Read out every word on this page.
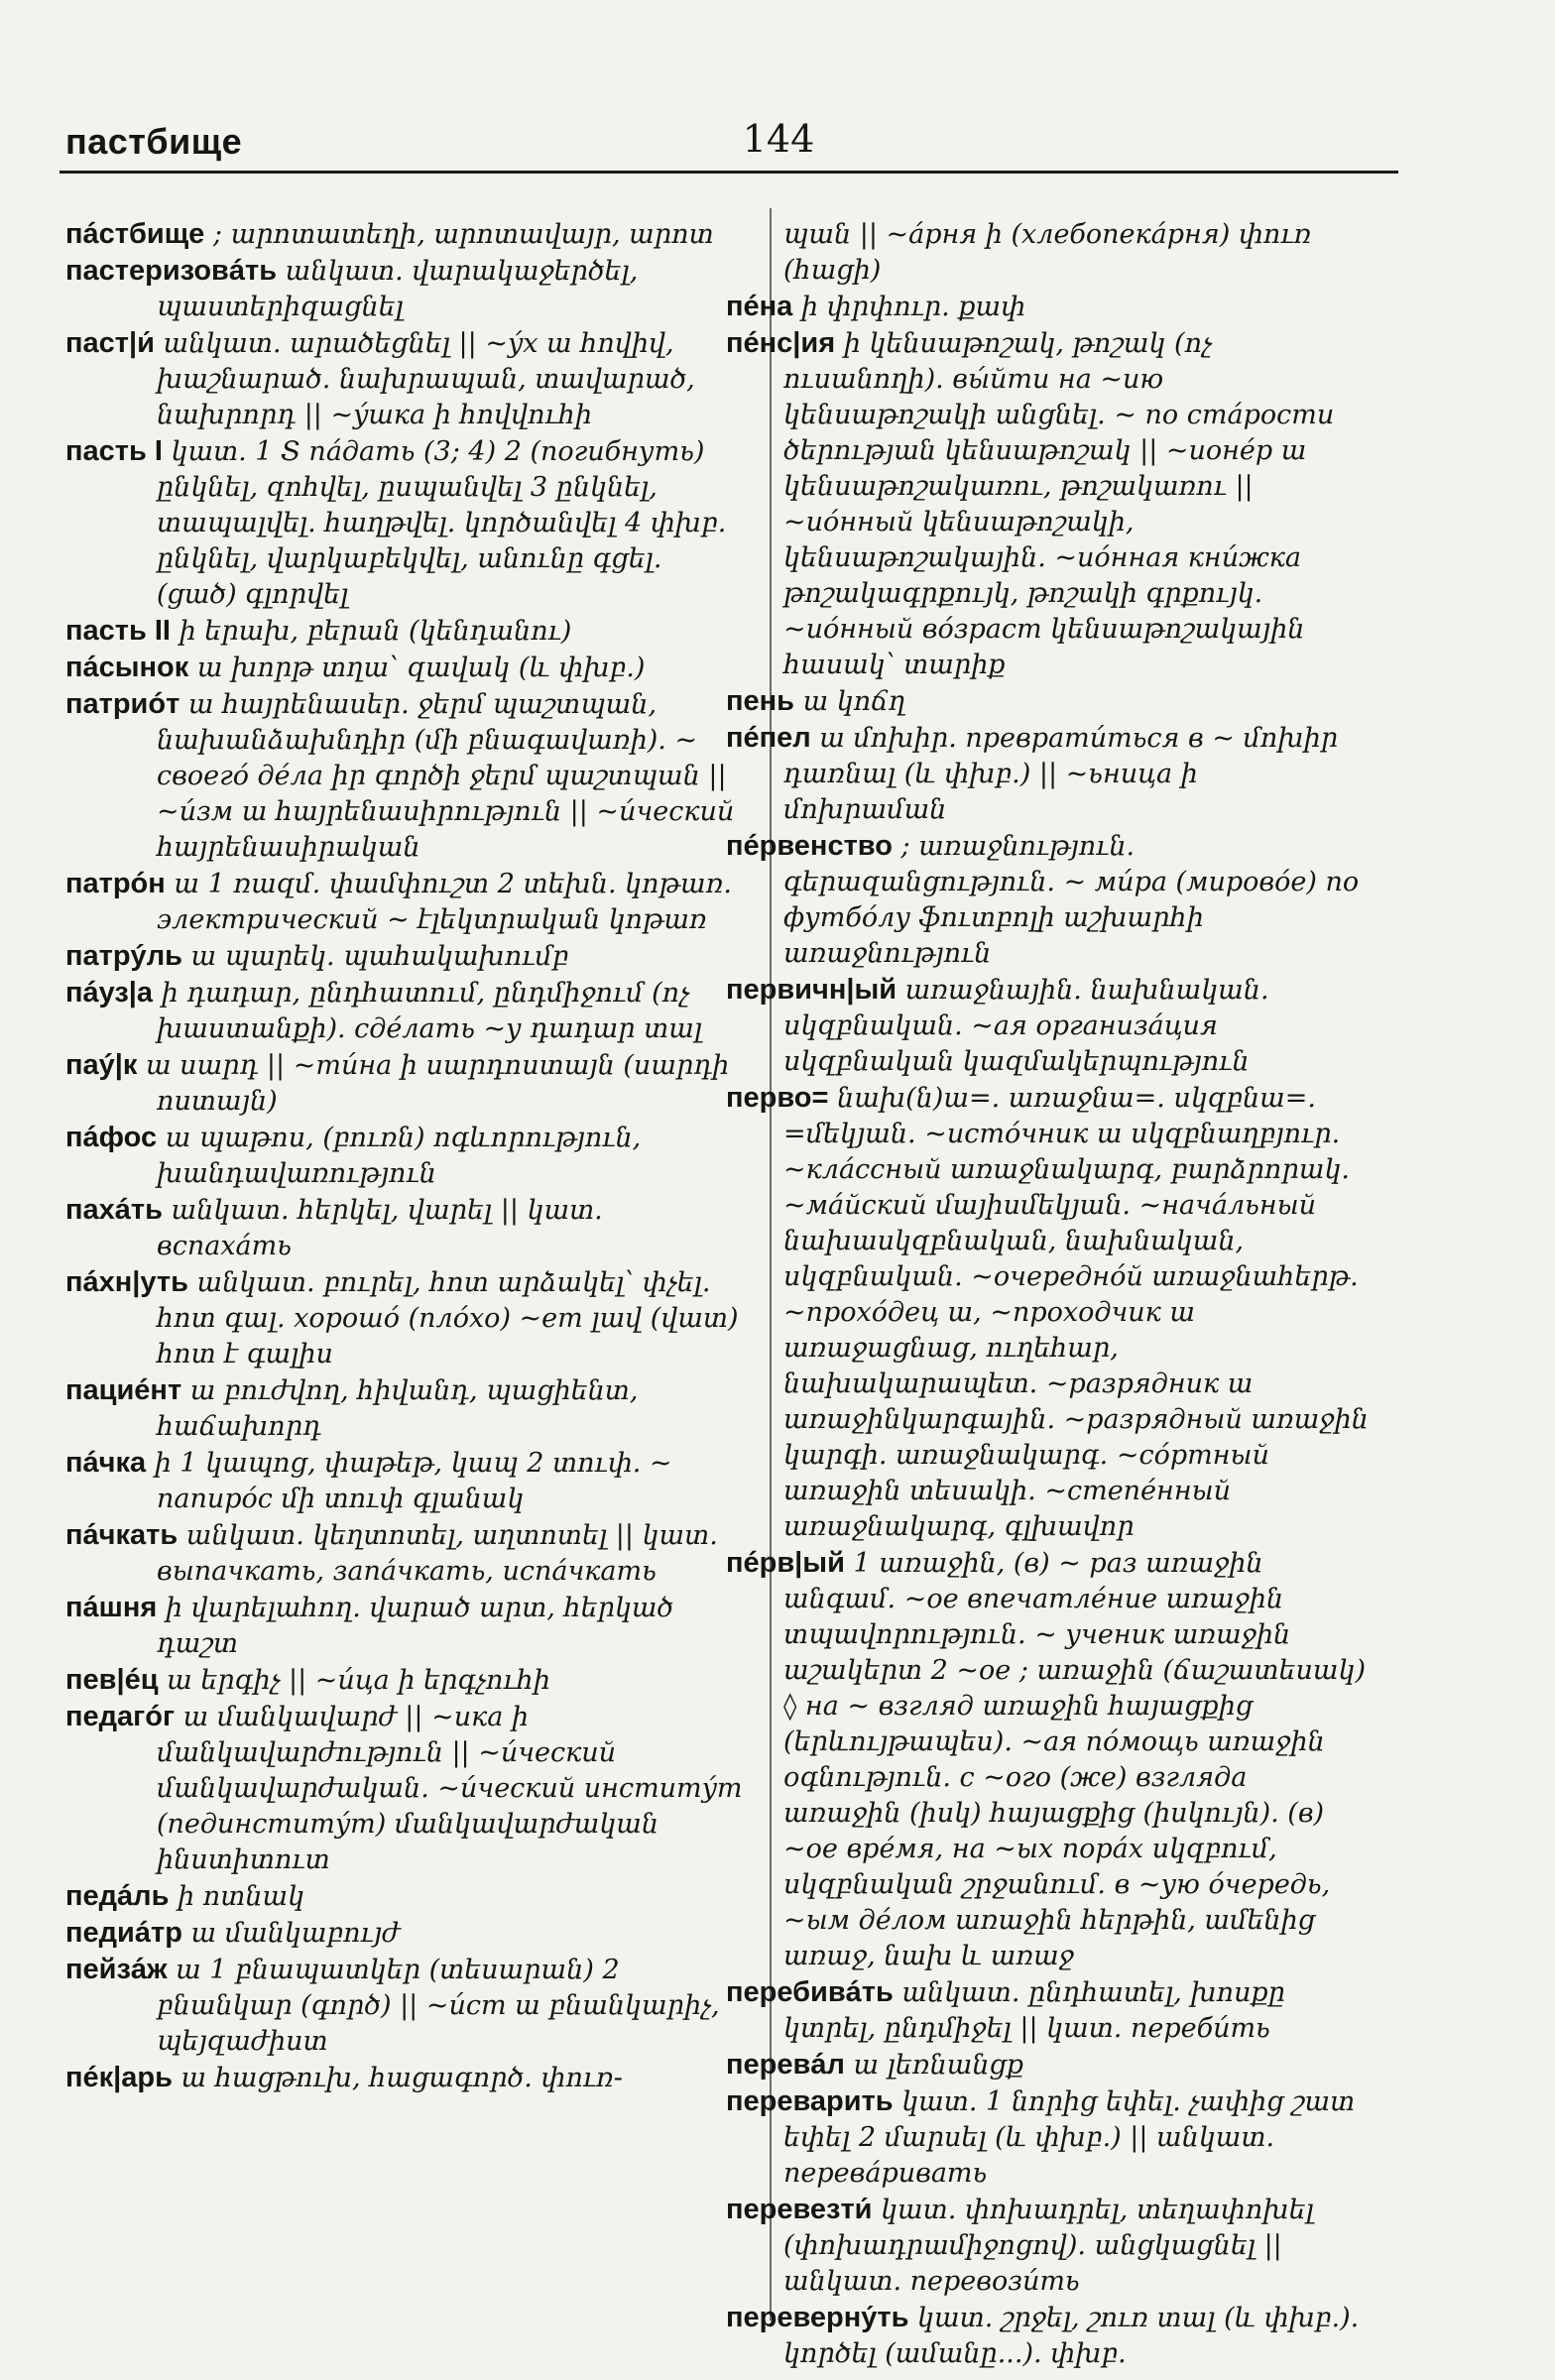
пастбище	144

пáстбище ; արոտատեղի, արոտավայր, արոտ

пастеризовáть անկատ. վարակաջերծել, պաստերիզացնել

паст|и́ անկատ. արածեցնել || ~ýх ա հովիվ, խաշնարած. նախրապան, տավարած, նախրորդ || ~ýшка ի հովվուհի

пасть I կատ. 1 Տ пáдать (3; 4) 2 (погибнуть) ընկնել, զոհվել, ըսպանվել 3 ընկնել, տապալվել. հաղթվել. կործանվել 4 փխբ. ընկնել, վարկաբեկվել, անունը գցել. (ցած) գլորվել

пасть II ի երախ, բերան (կենդանու)

пáсынок ա խորթ տղա՝ զավակ (և փխբ.)

патриóт ա հայրենասեր. ջերմ պաշտպան, նախանձախնդիր (մի բնագավառի). ~ своегó дéла իր գործի ջերմ պաշտպան || ~и́зм ա հայրենասիրություն || ~и́ческий հայրենասիրական

патрóн ա 1 ռազմ. փամփուշտ 2 տեխն. կոթառ. электрический ~ էլեկտրական կոթառ

патрýль ա պարեկ. պահակախումբ

пáуз|а ի դադար, ընդհատում, ընդմիջում (ոչ խաստանքի). сдéлать ~у դադար տալ

паý|к ա սարդ || ~ти́на ի սարդոստայն (սարդի ոստայն)

пáфос ա պաթոս, (բուռն) ոգևորություն, խանդավառություն

пахáть անկատ. հերկել, վարել || կատ. вспахáть

пáхн|уть անկատ. բուրել, հոտ արձակել՝ փչել. հոտ գալ. хорошó (плóхо) ~ет լավ (վատ) հոտ է գալիս

пациéнт ա բուժվող, հիվանդ, պացիենտ, հաճախորդ

пáчка ի 1 կապոց, փաթեթ, կապ 2 տուփ. ~ папирóс մի տուփ գլանակ

пáчкать անկատ. կեղտոտել, աղտոտել || կատ. выпачкать, запáчкать, испáчкать

пáшня ի վարելահող. վարած արտ, հերկած դաշտ

пев|éц ա երգիչ || ~и́ца ի երգչուհի

педагóг ա մանկավարժ || ~ика ի մանկավարժություն || ~и́ческий մանկավարժական. ~и́ческий инститýт (пединститýт) մանկավարժական ինստիտուտ

педáль ի ոտնակ

педиáтр ա մանկաբույժ

пейзáж ա 1 բնապատկեր (տեսարան) 2 բնանկար (գործ) || ~и́ст ա բնանկարիչ, պեյզաժիստ

пéк|арь ա հացթուխ, հացագործ. փուռ-

պան || ~áрня ի (хлебопекáрня) փուռ (հացի)

пéна ի փրփուր. քափ

пéнс|ия ի կենսաթոշակ, թոշակ (ոչ ուսանողի). вы́йти на ~ию կենսաթոշակի անցնել. ~ по стáрости ծերության կենսաթոշակ || ~ионéр ա կենսաթոշակառու, թոշակառու || ~иóнный կենսաթոշակի, կենսաթոշակային. ~иóнная кни́жка թոշակագրքույկ, թոշակի գրքույկ. ~иóнный вóзраст կենսաթոշակային հասակ՝ տարիք

пень ա կոճղ

пéпел ա մոխիր. преврати́ться в ~ մոխիր դառնալ (և փխբ.) || ~ьница ի մոխրաման

пéрвенство ; առաջնություն. գերազանցություն. ~ ми́ра (мировóе) по футбóлу ֆուտբոլի աշխարհի առաջնություն

первичн|ый առաջնային. նախնական. սկզբնական. ~ая организáция սկզբնական կազմակերպություն

перво= նախ(ն)ա=. առաջնա=. սկզբնա=. =մեկյան. ~истóчник ա սկզբնաղբյուր. ~клáссный առաջնակարգ, բարձրորակ. ~мáйский մայիսմեկյան. ~начáльный նախասկզբնական, նախնական, սկզբնական. ~очереднóй առաջնահերթ. ~прохóдец ա, ~проходчик ա առաջացնաց, ուղեհար, նախակարապետ. ~разрядник ա առաջինկարգային. ~разрядный առաջին կարգի. առաջնակարգ. ~сóртный առաջին տեսակի. ~степéнный առաջնակարգ, գլխավոր

пéрв|ый 1 առաջին, (в) ~ раз առաջին անգամ. ~ое впечатлéние առաջին տպավորություն. ~ ученик առաջին աշակերտ 2 ~ое ; առաջին (ճաշատեսակ) ◊ на ~ взгляд առաջին հայացքից (երևույթապես). ~ая пóмощь առաջին օգնություն. с ~ого (же) взгляда առաջին (իսկ) հայացքից (իսկույն). (в) ~ое врéмя, на ~ых порáх սկզբում, սկզբնական շրջանում. в ~ую óчередь, ~ым дéлом առաջին հերթին, ամենից առաջ, նախ և առաջ

перебивáть անկատ. ընդհատել, խոսքը կտրել, ընդմիջել || կատ. переби́ть

перевáл ա լեռնանցք

переварить կատ. 1 նորից եփել. չափից շատ եփել 2 մարսել (և փխբ.) || անկատ. перевáривать

перевезти́ կատ. փոխադրել, տեղափոխել (փոխադրամիջոցով). անցկացնել || անկատ. перевози́ть

переверну́ть կատ. շրջել, շուռ տալ (և փխբ.). կործել (ամանը...). փխբ.
